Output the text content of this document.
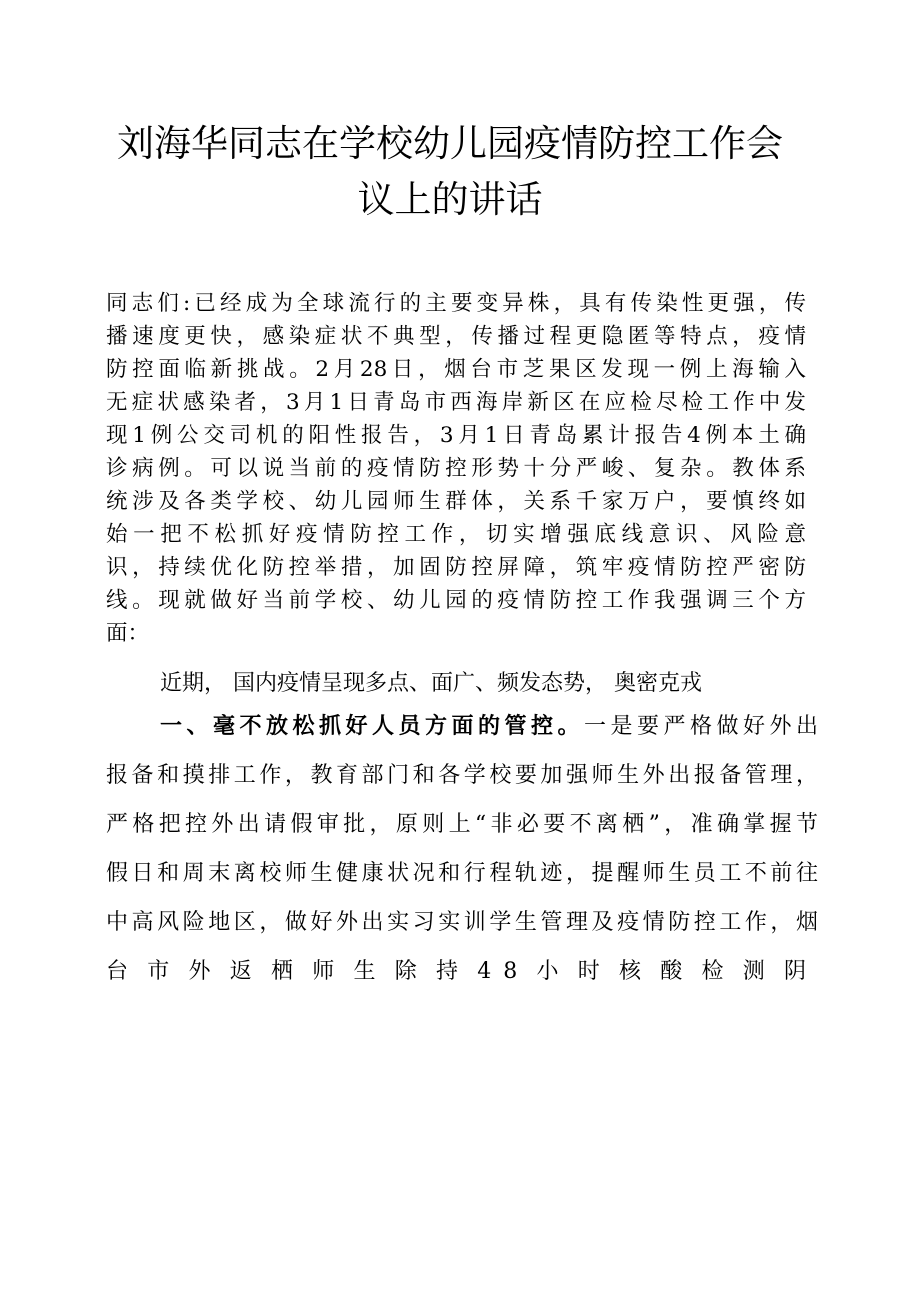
刘海华同志在学校幼儿园疫情防控工作会
议上的讲话

同志们:已经成为全球流行的主要变异株，具有传染性更强，传

播速度更快，感染症状不典型，传播过程更隐匿等特点，疫情

防控面临新挑战。2月28日，烟台市芝果区发现一例上海输入

无症状感染者，3月1日青岛市西海岸新区在应检尽检工作中发

现1例公交司机的阳性报告，3月1日青岛累计报告4例本土确

诊病例。可以说当前的疫情防控形势十分严峻、复杂。教体系

统涉及各类学校、幼儿园师生群体，关系千家万户，要慎终如

始一把不松抓好疫情防控工作，切实增强底线意识、风险意

识，持续优化防控举措，加固防控屏障，筑牢疫情防控严密防

线。现就做好当前学校、幼儿园的疫情防控工作我强调三个方

面：

近期， 国内疫情呈现多点、面广、频发态势， 奥密克戎

一、毫不放松抓好人员方面的管控。一是要严格做好外出

报备和摸排工作，教育部门和各学校要加强师生外出报备管理，

严格把控外出请假审批，原则上“非必要不离栖”，准确掌握节

假日和周末离校师生健康状况和行程轨迹，提醒师生员工不前往

中高风险地区，做好外出实习实训学生管理及疫情防控工作，烟

台市外返栖师生除持48小时核酸检测阴
